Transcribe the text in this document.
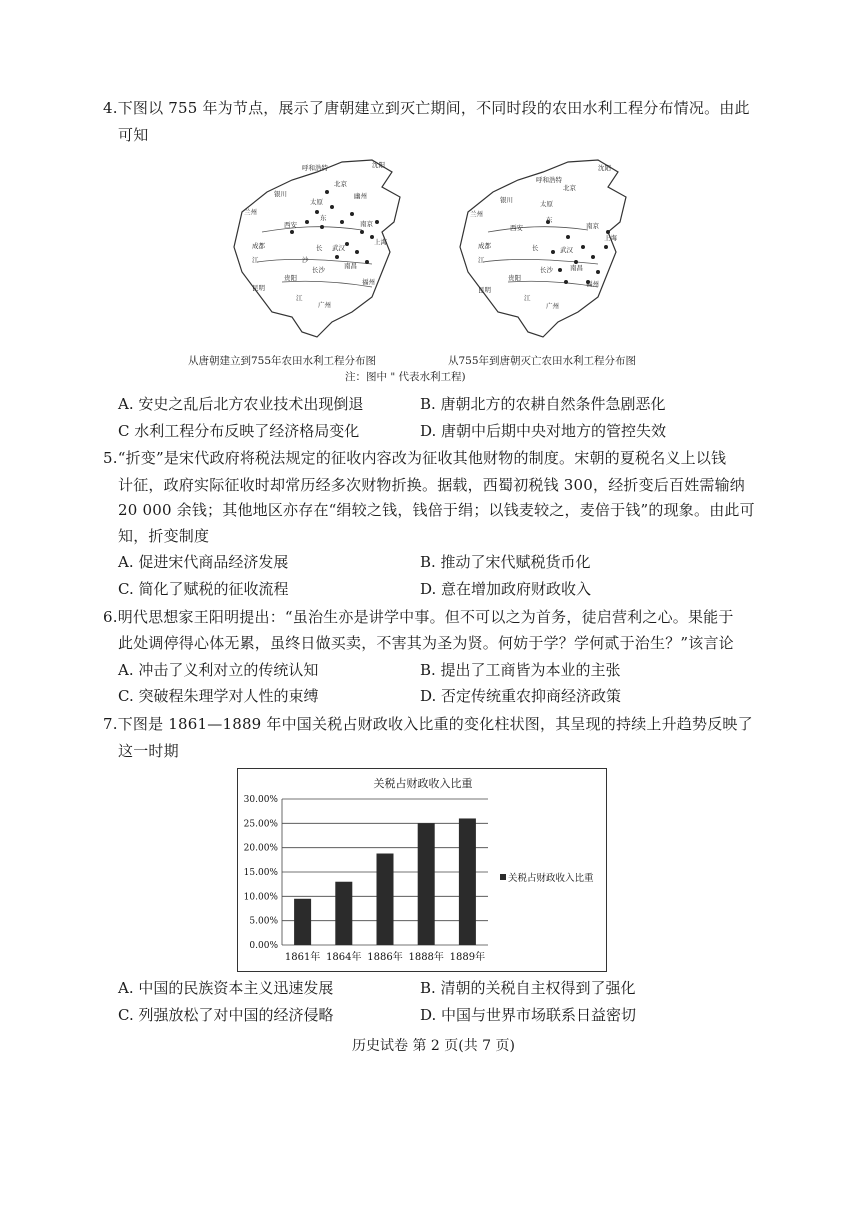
4.下图以 755 年为节点，展示了唐朝建立到灭亡期间，不同时段的农田水利工程分布情况。由此
可知
呼和浩特
北京
沈阳
幽州
银川
兰州
太原
西安
东
长
沙
南京
上海
武汉
成都
江
长沙	南昌
贵阳	福州
昆明
广州
江
沈阳
呼和浩特
北京
银川	太原
兰州
西安
东
长
南京
上海
武汉
成都
江
长沙	南昌
贵阳
福州
昆明
广州
江
从唐朝建立到755年农田水利工程分布图	从755年到唐朝灭亡农田水利工程分布图
注：图中 " 代表水利工程)
A. 安史之乱后北方农业技术出现倒退	B. 唐朝北方的农耕自然条件急剧恶化
C 水利工程分布反映了经济格局变化	D. 唐朝中后期中央对地方的管控失效
5.“折变”是宋代政府将税法规定的征收内容改为征收其他财物的制度。宋朝的夏税名义上以钱
计征，政府实际征收时却常历经多次财物折换。据载，西蜀初税钱 300，经折变后百姓需输纳
20 000 余钱；其他地区亦存在“绢较之钱，钱倍于绢；以钱麦较之，麦倍于钱”的现象。由此可
知，折变制度
A. 促进宋代商品经济发展	B. 推动了宋代赋税货币化
C. 简化了赋税的征收流程	D. 意在增加政府财政收入
6.明代思想家王阳明提出：“虽治生亦是讲学中事。但不可以之为首务，徒启营利之心。果能于
此处调停得心体无累，虽终日做买卖，不害其为圣为贤。何妨于学？学何贰于治生？”该言论
A. 冲击了义利对立的传统认知	B. 提出了工商皆为本业的主张
C. 突破程朱理学对人性的束缚	D. 否定传统重农抑商经济政策
7.下图是 1861—1889 年中国关税占财政收入比重的变化柱状图，其呈现的持续上升趋势反映了
这一时期
关税占财政收入比重
0.00%
5.00%
10.00%
15.00%
20.00%
25.00%
30.00%
1861年 1864年 1886年 1888年 1889年
关税占财政收入比重
A. 中国的民族资本主义迅速发展	B. 清朝的关税自主权得到了强化
C. 列强放松了对中国的经济侵略	D. 中国与世界市场联系日益密切
历史试卷 第 2 页(共 7 页)
